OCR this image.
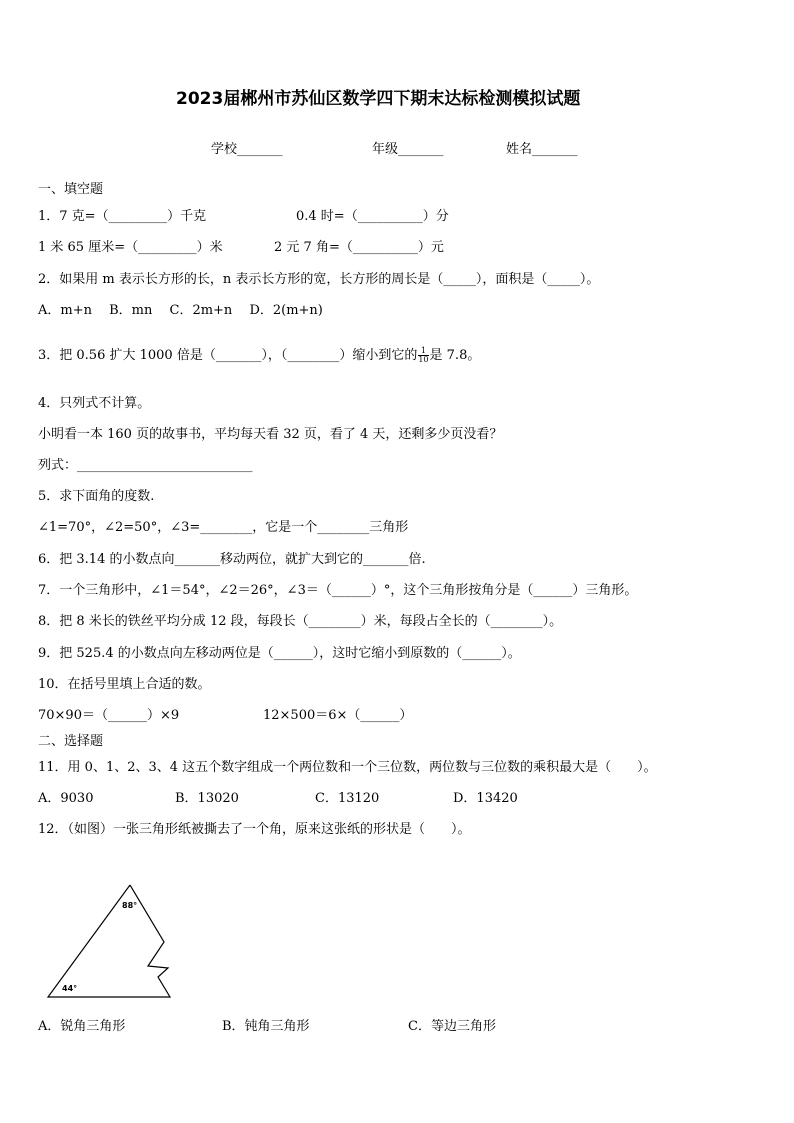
2023届郴州市苏仙区数学四下期末达标检测模拟试题
学校_______	年级_______	姓名_______
一、填空题
1．7 克=（_________）千克	0.4 时=（__________）分
1 米 65 厘米=（_________）米	2 元 7 角=（__________）元
2．如果用 m 表示长方形的长，n 表示长方形的宽，长方形的周长是（_____），面积是（_____）。
A．m+n　 B．mn　 C．2m+n　 D．2(m+n)
3．把 0.56 扩大 1000 倍是（_______），（________）缩小到它的 $\frac{1}{10}$ 是 7.8。
4．只列式不计算。
小明看一本 160 页的故事书，平均每天看 32 页，看了 4 天，还剩多少页没看？
列式：___________________________
5．求下面角的度数.
∠1=70°，∠2=50°，∠3=________，它是一个________三角形
6．把 3.14 的小数点向_______移动两位，就扩大到它的_______倍.
7．一个三角形中，∠1＝54°，∠2＝26°，∠3＝（______）°，这个三角形按角分是（______）三角形。
8．把 8 米长的铁丝平均分成 12 段，每段长（________）米，每段占全长的（________）。
9．把 525.4 的小数点向左移动两位是（______），这时它缩小到原数的（______）。
10．在括号里填上合适的数。
70×90＝（______）×9	12×500＝6×（______）
二、选择题
11．用 0、1、2、3、4 这五个数字组成一个两位数和一个三位数，两位数与三位数的乘积最大是（　　）。
A．9030	B．13020	C．13120	D．13420
12．（如图）一张三角形纸被撕去了一个角，原来这张纸的形状是（　　）。
88°
44°
A．锐角三角形	B．钝角三角形	C．等边三角形
